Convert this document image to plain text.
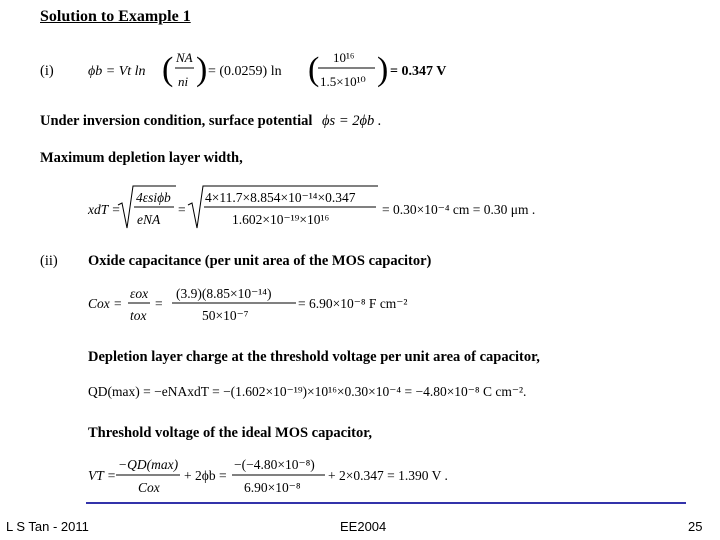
Solution to Example 1
(i) ϕb = Vt ln ( NA
ni ) = (0.0259) ln ( 10¹⁶
1.5×10¹⁰ ) = 0.347 V
xdT =
4εsiϕb
eNA
=
4×11.7×8.854×10⁻¹⁴×0.347
1.602×10⁻¹⁹×10¹⁶
= 0.30×10⁻⁴ cm = 0.30 μm .
Cox =
εox
tox
=
(3.9)(8.85×10⁻¹⁴)
50×10⁻⁷
= 6.90×10⁻⁸ F cm⁻²
QD(max) = −eNAxdT = −(1.602×10⁻¹⁹)×10¹⁶×0.30×10⁻⁴ = −4.80×10⁻⁸ C cm⁻².
VT =
−QD(max)
Cox
+ 2ϕb =
−(−4.80×10⁻⁸)
6.90×10⁻⁸
+ 2×0.347 = 1.390 V .
Under inversion condition, surface potential ϕs = 2ϕb .
Maximum depletion layer width,
(ii) Oxide capacitance (per unit area of the MOS capacitor)
Depletion layer charge at the threshold voltage per unit area of capacitor,
Threshold voltage of the ideal MOS capacitor,
L S Tan - 2011	EE2004	25
